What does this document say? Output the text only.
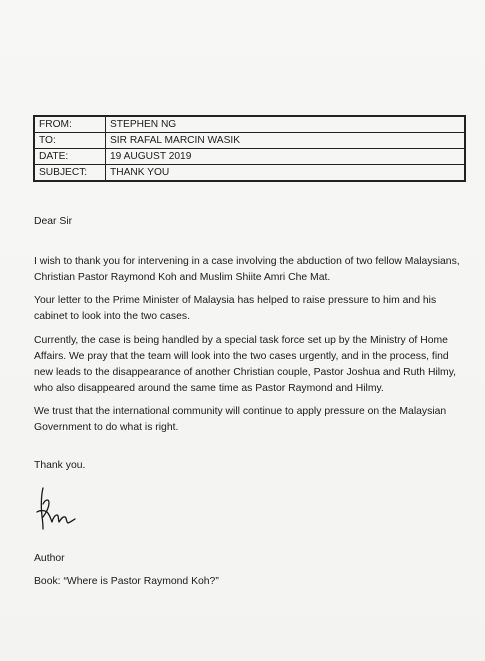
FROM:	STEPHEN NG
TO:	SIR RAFAL MARCIN WASIK
DATE:	19 AUGUST 2019
SUBJECT:	THANK YOU

Dear Sir

I wish to thank you for intervening in a case involving the abduction of two fellow Malaysians, Christian Pastor Raymond Koh and Muslim Shiite Amri Che Mat.

Your letter to the Prime Minister of Malaysia has helped to raise pressure to him and his cabinet to look into the two cases.

Currently, the case is being handled by a special task force set up by the Ministry of Home Affairs. We pray that the team will look into the two cases urgently, and in the process, find new leads to the disappearance of another Christian couple, Pastor Joshua and Ruth Hilmy, who also disappeared around the same time as Pastor Raymond and Hilmy.

We trust that the international community will continue to apply pressure on the Malaysian Government to do what is right.

Thank you.

Author

Book: “Where is Pastor Raymond Koh?”
